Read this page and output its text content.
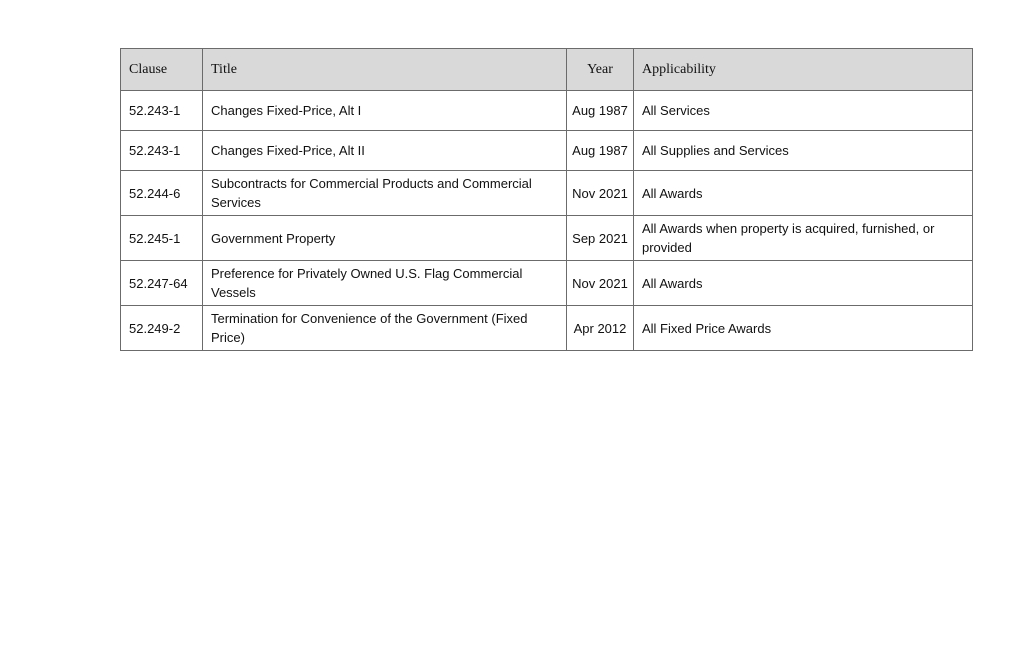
Clause	Title	Year	Applicability
52.243-1	Changes Fixed-Price, Alt I	Aug 1987	All Services
52.243-1	Changes Fixed-Price, Alt II	Aug 1987	All Supplies and Services
52.244-6	Subcontracts for Commercial Products and Commercial Services	Nov 2021	All Awards
52.245-1	Government Property	Sep 2021	All Awards when property is acquired, furnished, or provided
52.247-64	Preference for Privately Owned U.S. Flag Commercial Vessels	Nov 2021	All Awards
52.249-2	Termination for Convenience of the Government (Fixed Price)	Apr 2012	All Fixed Price Awards
